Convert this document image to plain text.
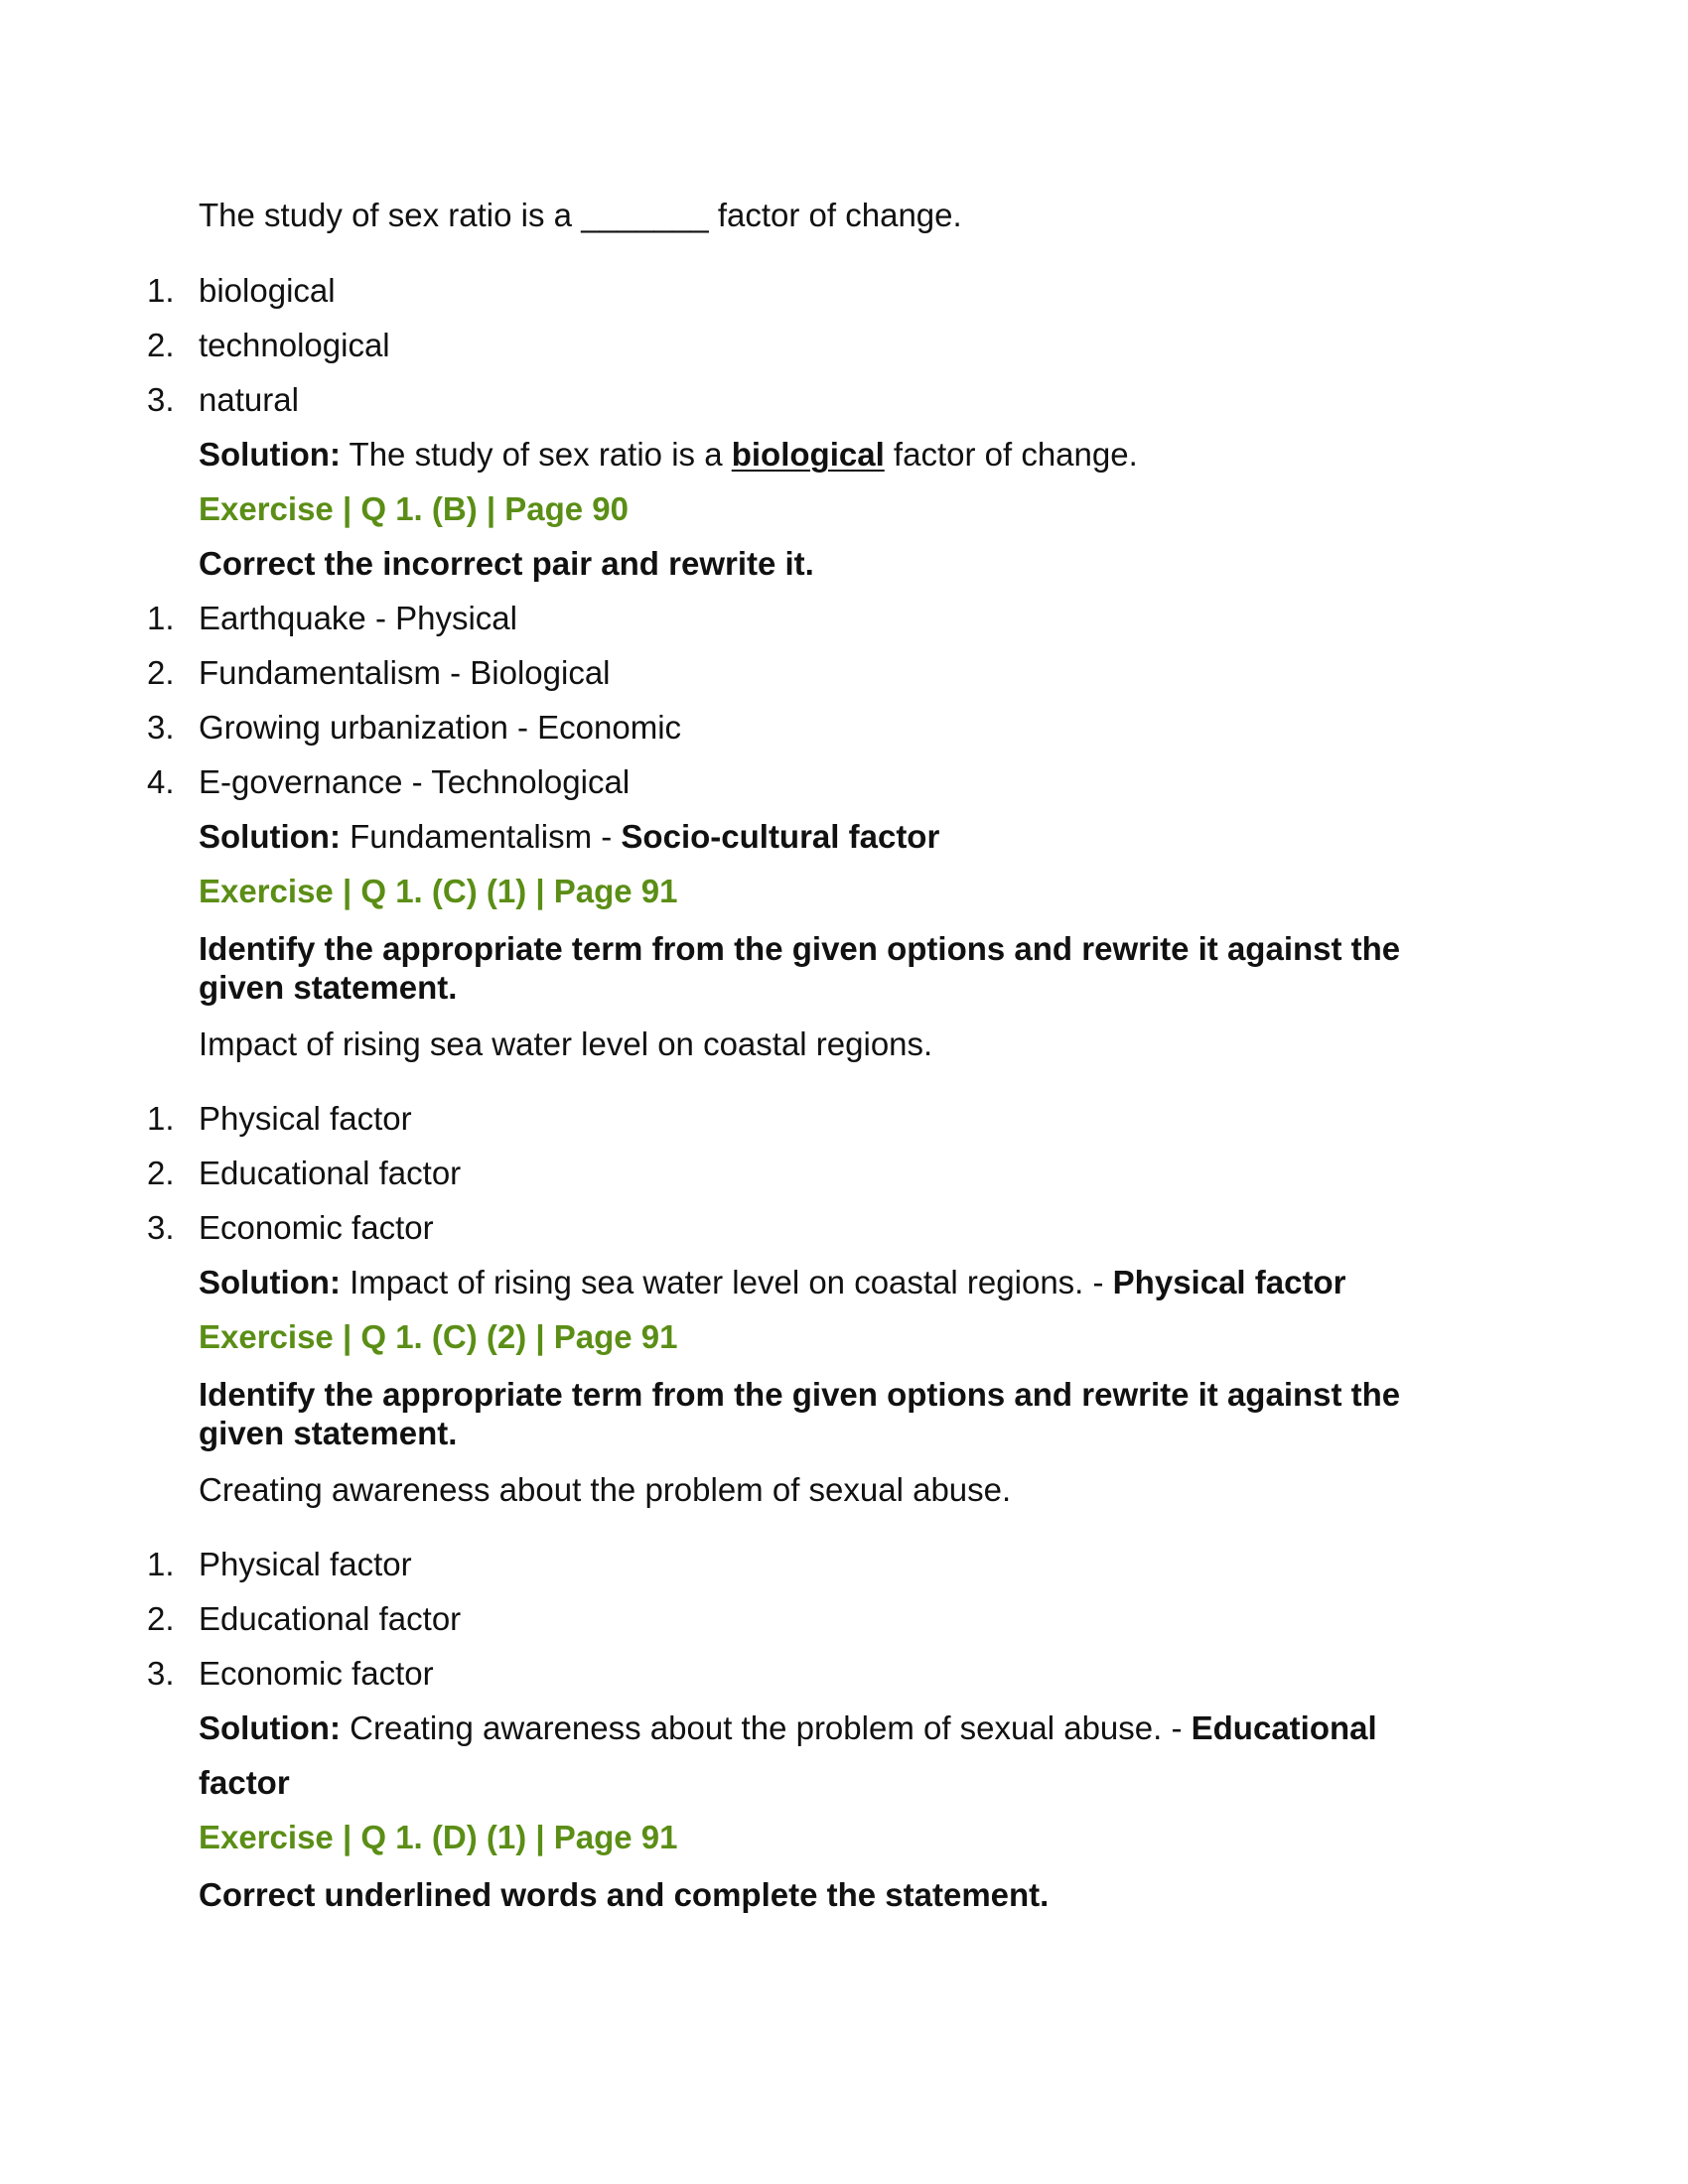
The study of sex ratio is a _______ factor of change.
1. biological
2. technological
3. natural
Solution: The study of sex ratio is a biological factor of change.
Exercise | Q 1. (B) | Page 90
Correct the incorrect pair and rewrite it.
1. Earthquake - Physical
2. Fundamentalism - Biological
3. Growing urbanization - Economic
4. E-governance - Technological
Solution: Fundamentalism - Socio-cultural factor
Exercise | Q 1. (C) (1) | Page 91
Identify the appropriate term from the given options and rewrite it against the given statement.
Impact of rising sea water level on coastal regions.
1. Physical factor
2. Educational factor
3. Economic factor
Solution: Impact of rising sea water level on coastal regions. - Physical factor
Exercise | Q 1. (C) (2) | Page 91
Identify the appropriate term from the given options and rewrite it against the given statement.
Creating awareness about the problem of sexual abuse.
1. Physical factor
2. Educational factor
3. Economic factor
Solution: Creating awareness about the problem of sexual abuse. - Educational
factor
Exercise | Q 1. (D) (1) | Page 91
Correct underlined words and complete the statement.
